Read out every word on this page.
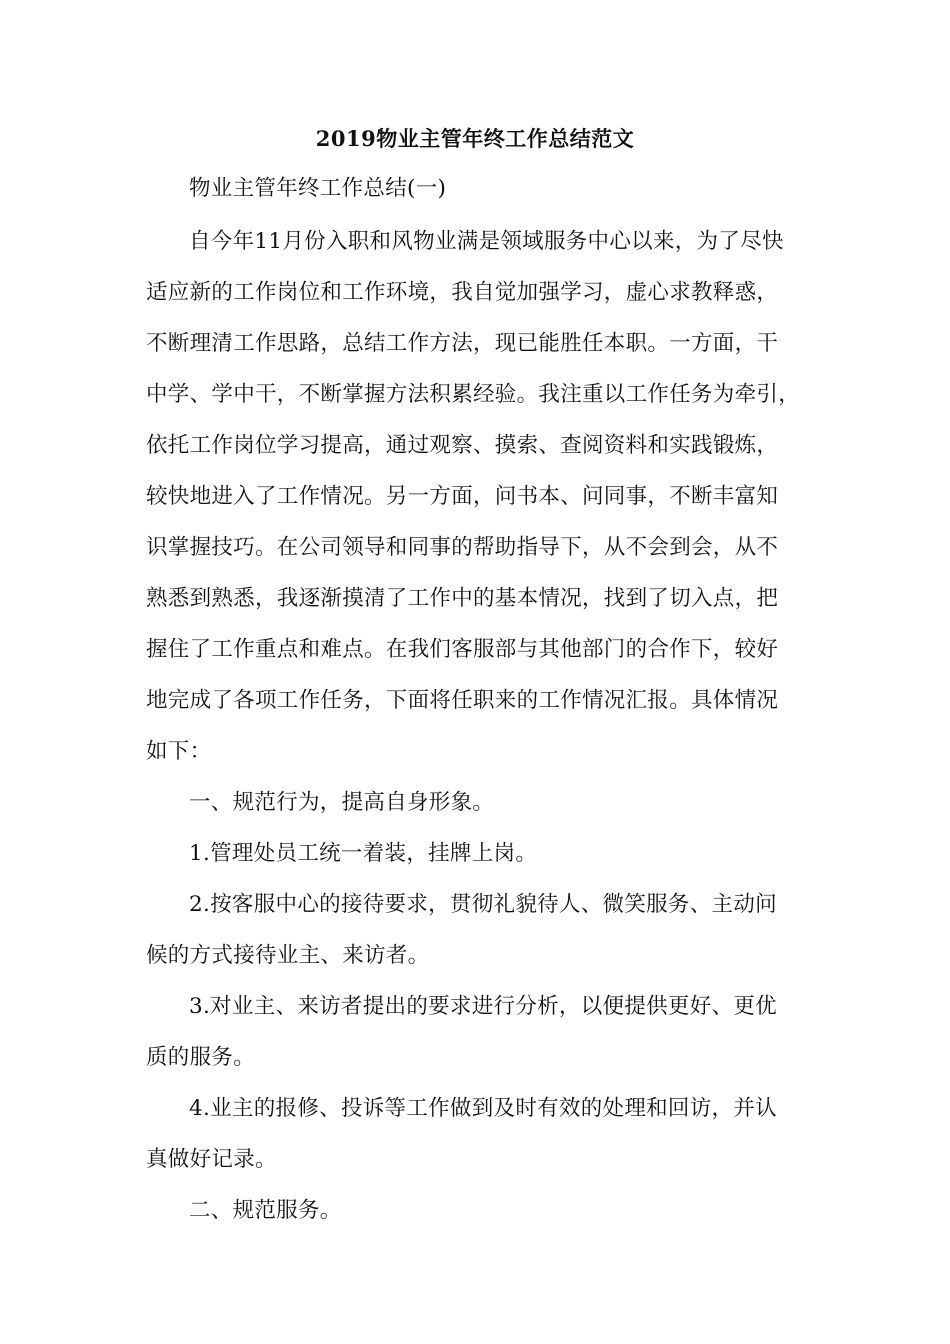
2019物业主管年终工作总结范文
物业主管年终工作总结(一)
自今年11月份入职和风物业满是领域服务中心以来，为了尽快
适应新的工作岗位和工作环境，我自觉加强学习，虚心求教释惑，
不断理清工作思路，总结工作方法，现已能胜任本职。一方面，干
中学、学中干，不断掌握方法积累经验。我注重以工作任务为牵引，
依托工作岗位学习提高，通过观察、摸索、查阅资料和实践锻炼，
较快地进入了工作情况。另一方面，问书本、问同事，不断丰富知
识掌握技巧。在公司领导和同事的帮助指导下，从不会到会，从不
熟悉到熟悉，我逐渐摸清了工作中的基本情况，找到了切入点，把
握住了工作重点和难点。在我们客服部与其他部门的合作下，较好
地完成了各项工作任务，下面将任职来的工作情况汇报。具体情况
如下：
一、规范行为，提高自身形象。
1.管理处员工统一着装，挂牌上岗。
2.按客服中心的接待要求，贯彻礼貌待人、微笑服务、主动问
候的方式接待业主、来访者。
3.对业主、来访者提出的要求进行分析，以便提供更好、更优
质的服务。
4.业主的报修、投诉等工作做到及时有效的处理和回访，并认
真做好记录。
二、规范服务。
